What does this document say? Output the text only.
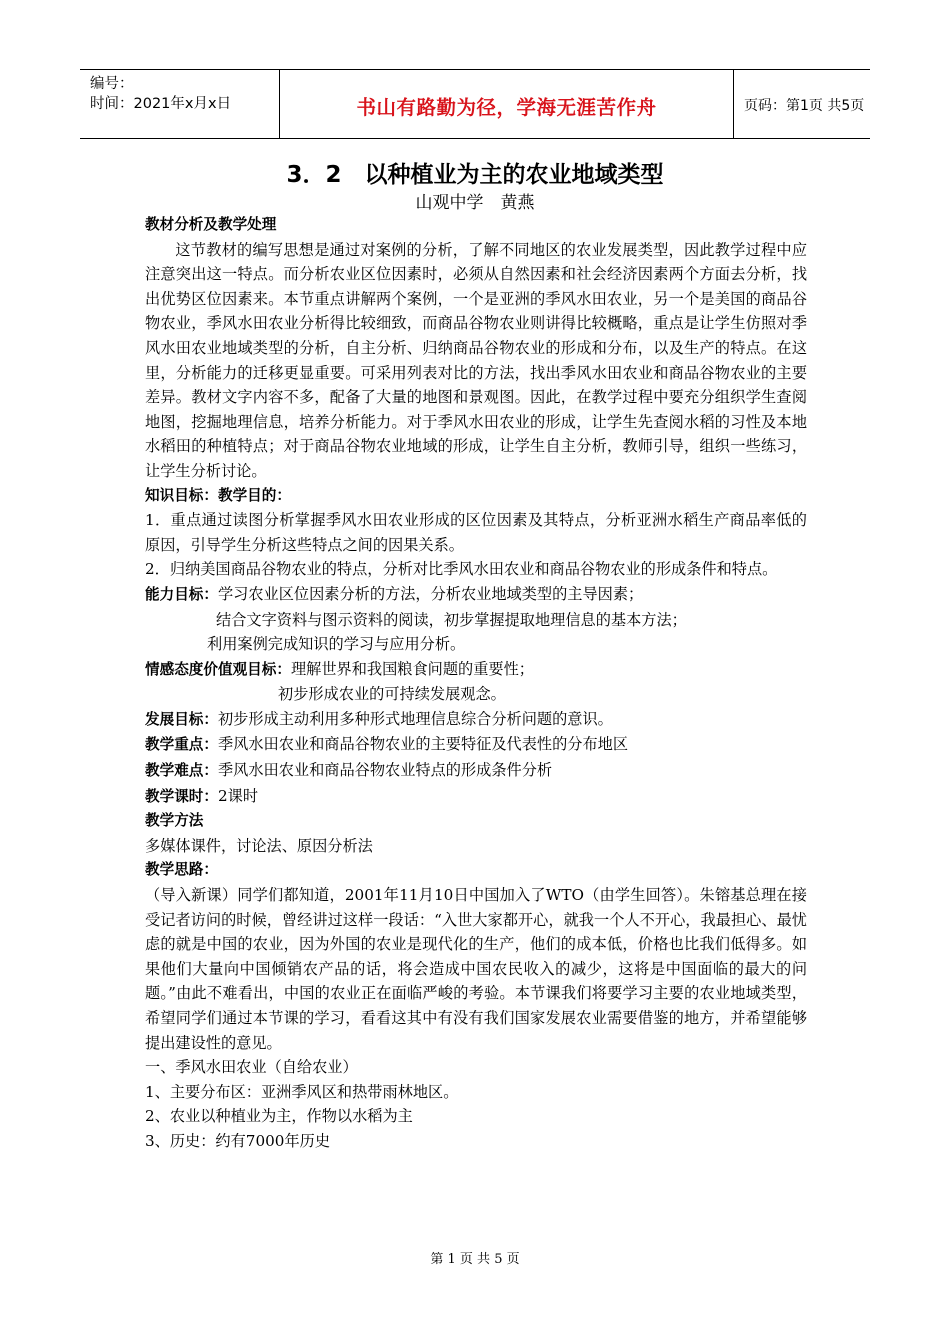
编号：
时间：2021年x月x日	书山有路勤为径，学海无涯苦作舟	页码：第1页 共5页
3．2　以种植业为主的农业地域类型
山观中学　黄燕

教材分析及教学处理

这节教材的编写思想是通过对案例的分析，了解不同地区的农业发展类型，因此教学过程中应注意突出这一特点。而分析农业区位因素时，必须从自然因素和社会经济因素两个方面去分析，找出优势区位因素来。本节重点讲解两个案例，一个是亚洲的季风水田农业，另一个是美国的商品谷物农业，季风水田农业分析得比较细致，而商品谷物农业则讲得比较概略，重点是让学生仿照对季风水田农业地域类型的分析，自主分析、归纳商品谷物农业的形成和分布，以及生产的特点。在这里，分析能力的迁移更显重要。可采用列表对比的方法，找出季风水田农业和商品谷物农业的主要差异。教材文字内容不多，配备了大量的地图和景观图。因此，在教学过程中要充分组织学生查阅地图，挖掘地理信息，培养分析能力。对于季风水田农业的形成，让学生先查阅水稻的习性及本地水稻田的种植特点；对于商品谷物农业地域的形成，让学生自主分析，教师引导，组织一些练习，让学生分析讨论。

知识目标：教学目的：

1．重点通过读图分析掌握季风水田农业形成的区位因素及其特点，分析亚洲水稻生产商品率低的原因，引导学生分析这些特点之间的因果关系。

2．归纳美国商品谷物农业的特点，分析对比季风水田农业和商品谷物农业的形成条件和特点。

能力目标：学习农业区位因素分析的方法，分析农业地域类型的主导因素；

结合文字资料与图示资料的阅读，初步掌握提取地理信息的基本方法；

利用案例完成知识的学习与应用分析。

情感态度价值观目标：理解世界和我国粮食问题的重要性；

初步形成农业的可持续发展观念。

发展目标：初步形成主动利用多种形式地理信息综合分析问题的意识。

教学重点：季风水田农业和商品谷物农业的主要特征及代表性的分布地区

教学难点：季风水田农业和商品谷物农业特点的形成条件分析

教学课时：2课时

教学方法

多媒体课件，讨论法、原因分析法

教学思路：

（导入新课）同学们都知道，2001年11月10日中国加入了WTO（由学生回答）。朱镕基总理在接受记者访问的时候，曾经讲过这样一段话：“入世大家都开心，就我一个人不开心，我最担心、最忧虑的就是中国的农业，因为外国的农业是现代化的生产，他们的成本低，价格也比我们低得多。如果他们大量向中国倾销农产品的话，将会造成中国农民收入的减少，这将是中国面临的最大的问题。”由此不难看出，中国的农业正在面临严峻的考验。本节课我们将要学习主要的农业地域类型，希望同学们通过本节课的学习，看看这其中有没有我们国家发展农业需要借鉴的地方，并希望能够提出建设性的意见。

一、季风水田农业（自给农业）

1、主要分布区：亚洲季风区和热带雨林地区。

2、农业以种植业为主，作物以水稻为主

3、历史：约有7000年历史

第 1 页 共 5 页
